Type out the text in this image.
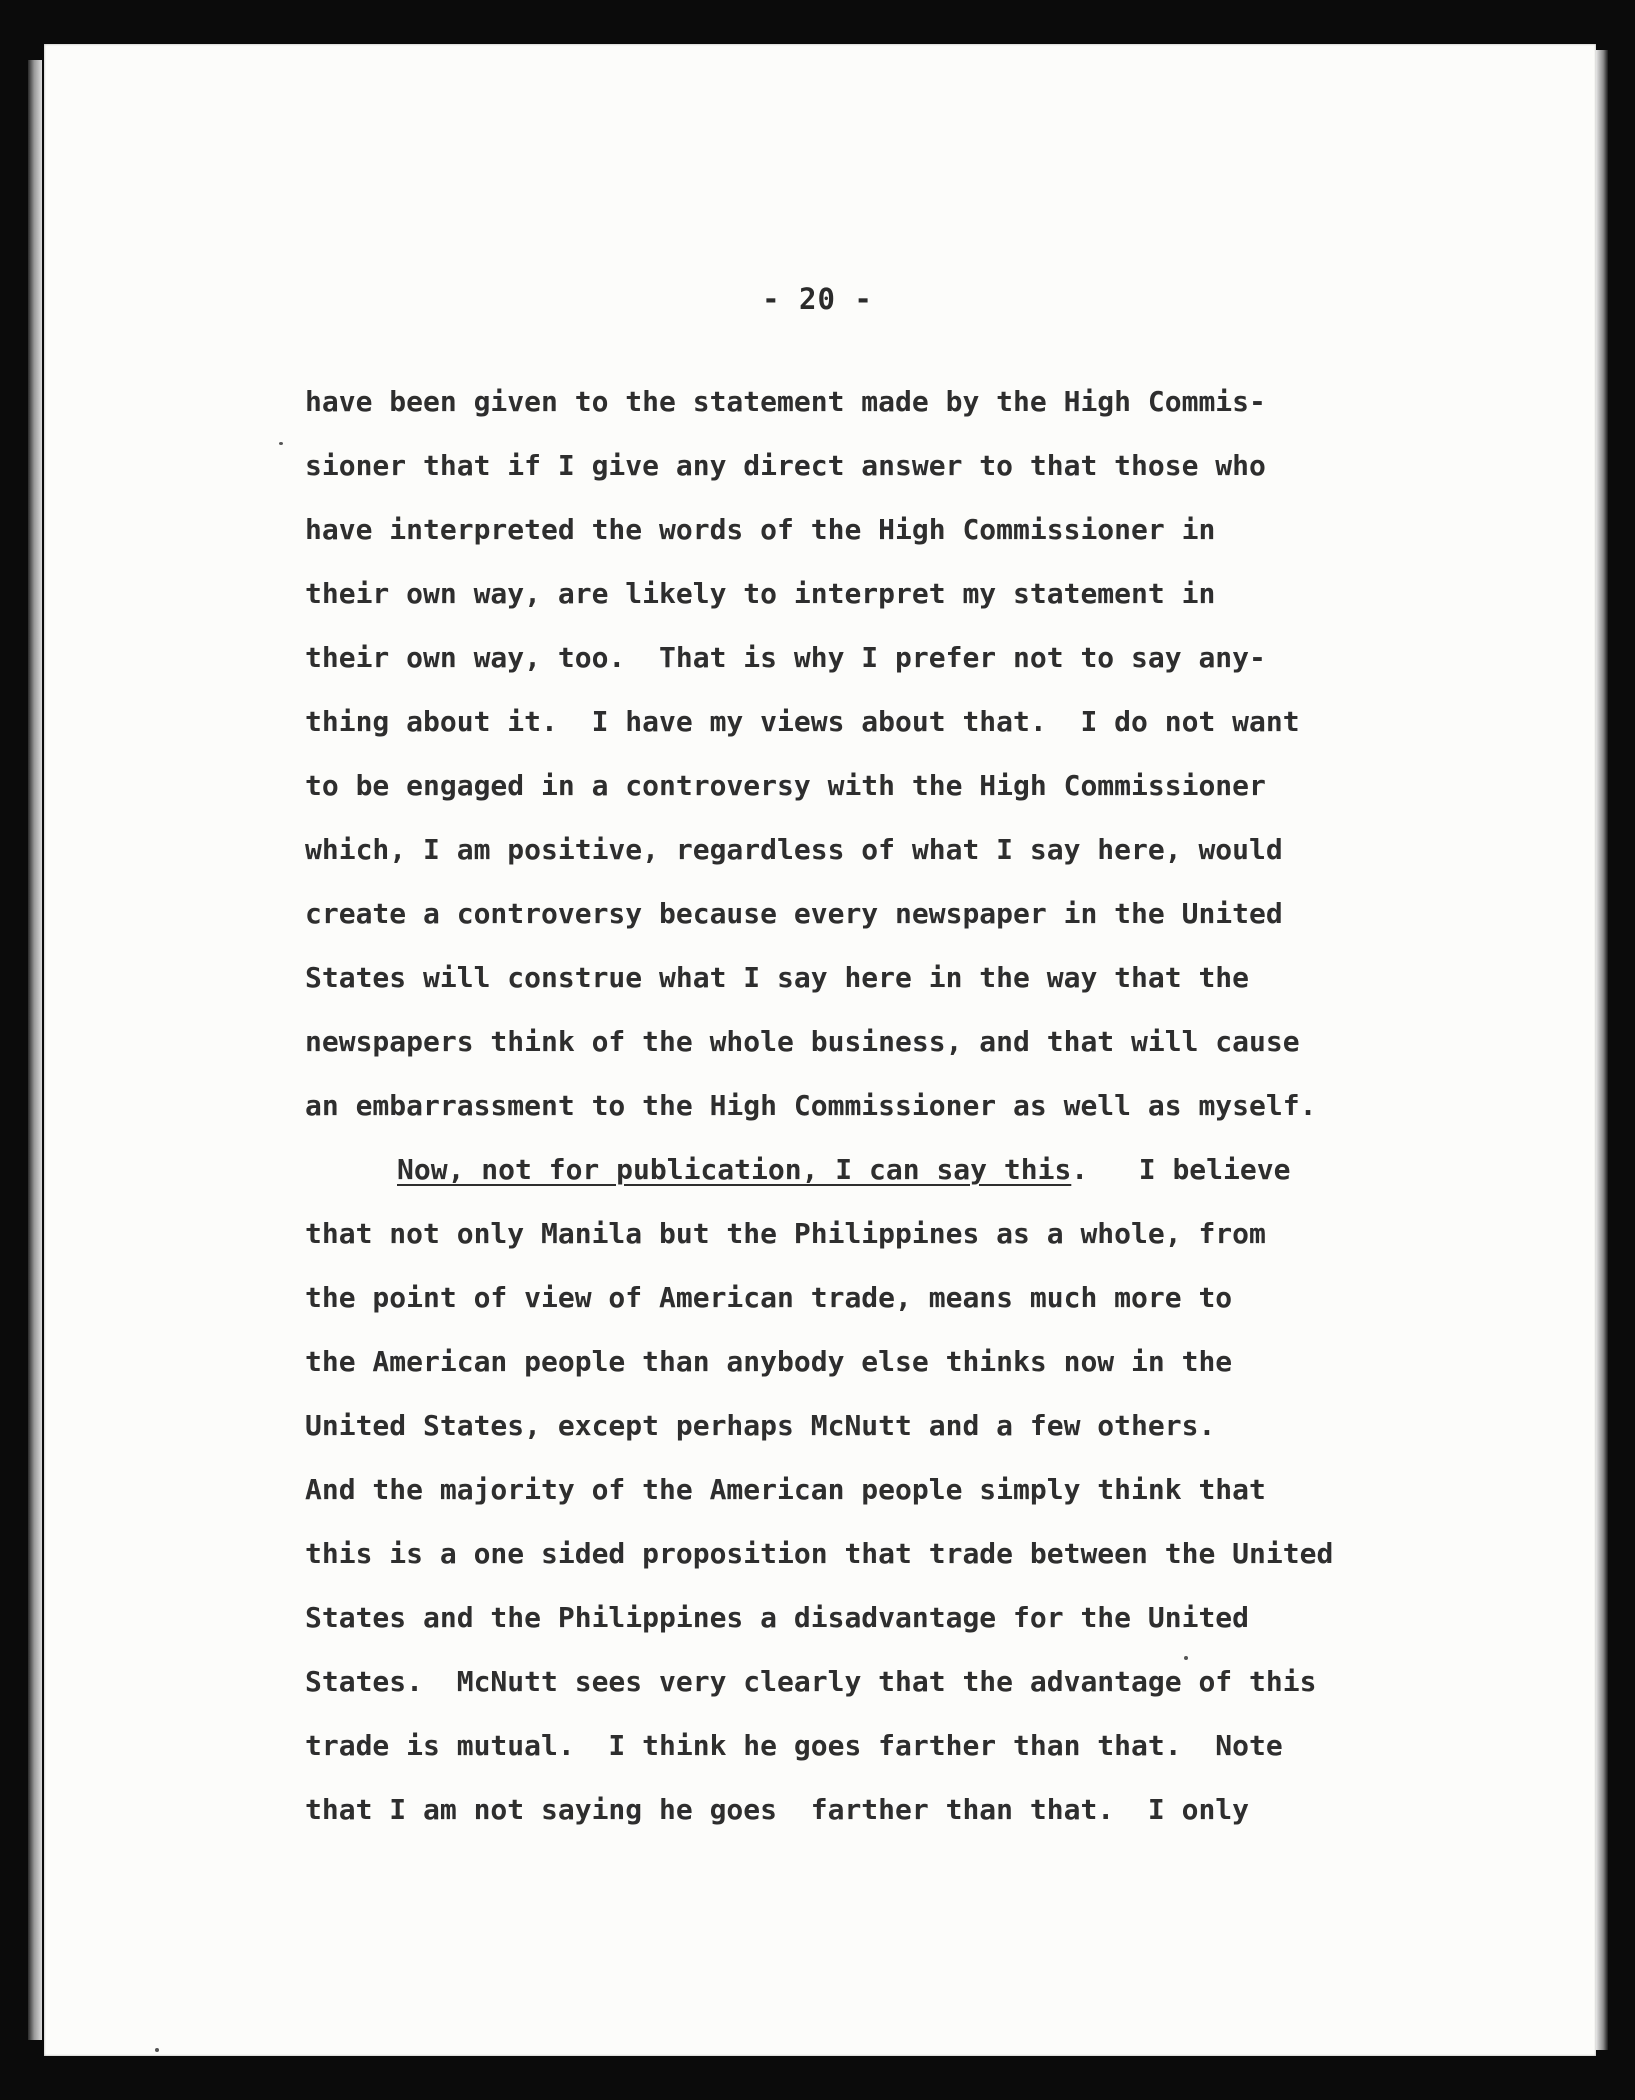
- 20 -
have been given to the statement made by the High Commis-
sioner that if I give any direct answer to that those who
have interpreted the words of the High Commissioner in
their own way, are likely to interpret my statement in
their own way, too.  That is why I prefer not to say any-
thing about it.  I have my views about that.  I do not want
to be engaged in a controversy with the High Commissioner
which, I am positive, regardless of what I say here, would
create a controversy because every newspaper in the United
States will construe what I say here in the way that the
newspapers think of the whole business, and that will cause
an embarrassment to the High Commissioner as well as myself.
Now, not for publication, I can say this.   I believe
that not only Manila but the Philippines as a whole, from
the point of view of American trade, means much more to
the American people than anybody else thinks now in the
United States, except perhaps McNutt and a few others.
And the majority of the American people simply think that
this is a one sided proposition that trade between the United
States and the Philippines a disadvantage for the United
States.  McNutt sees very clearly that the advantage of this
trade is mutual.  I think he goes farther than that.  Note
that I am not saying he goes  farther than that.  I only
